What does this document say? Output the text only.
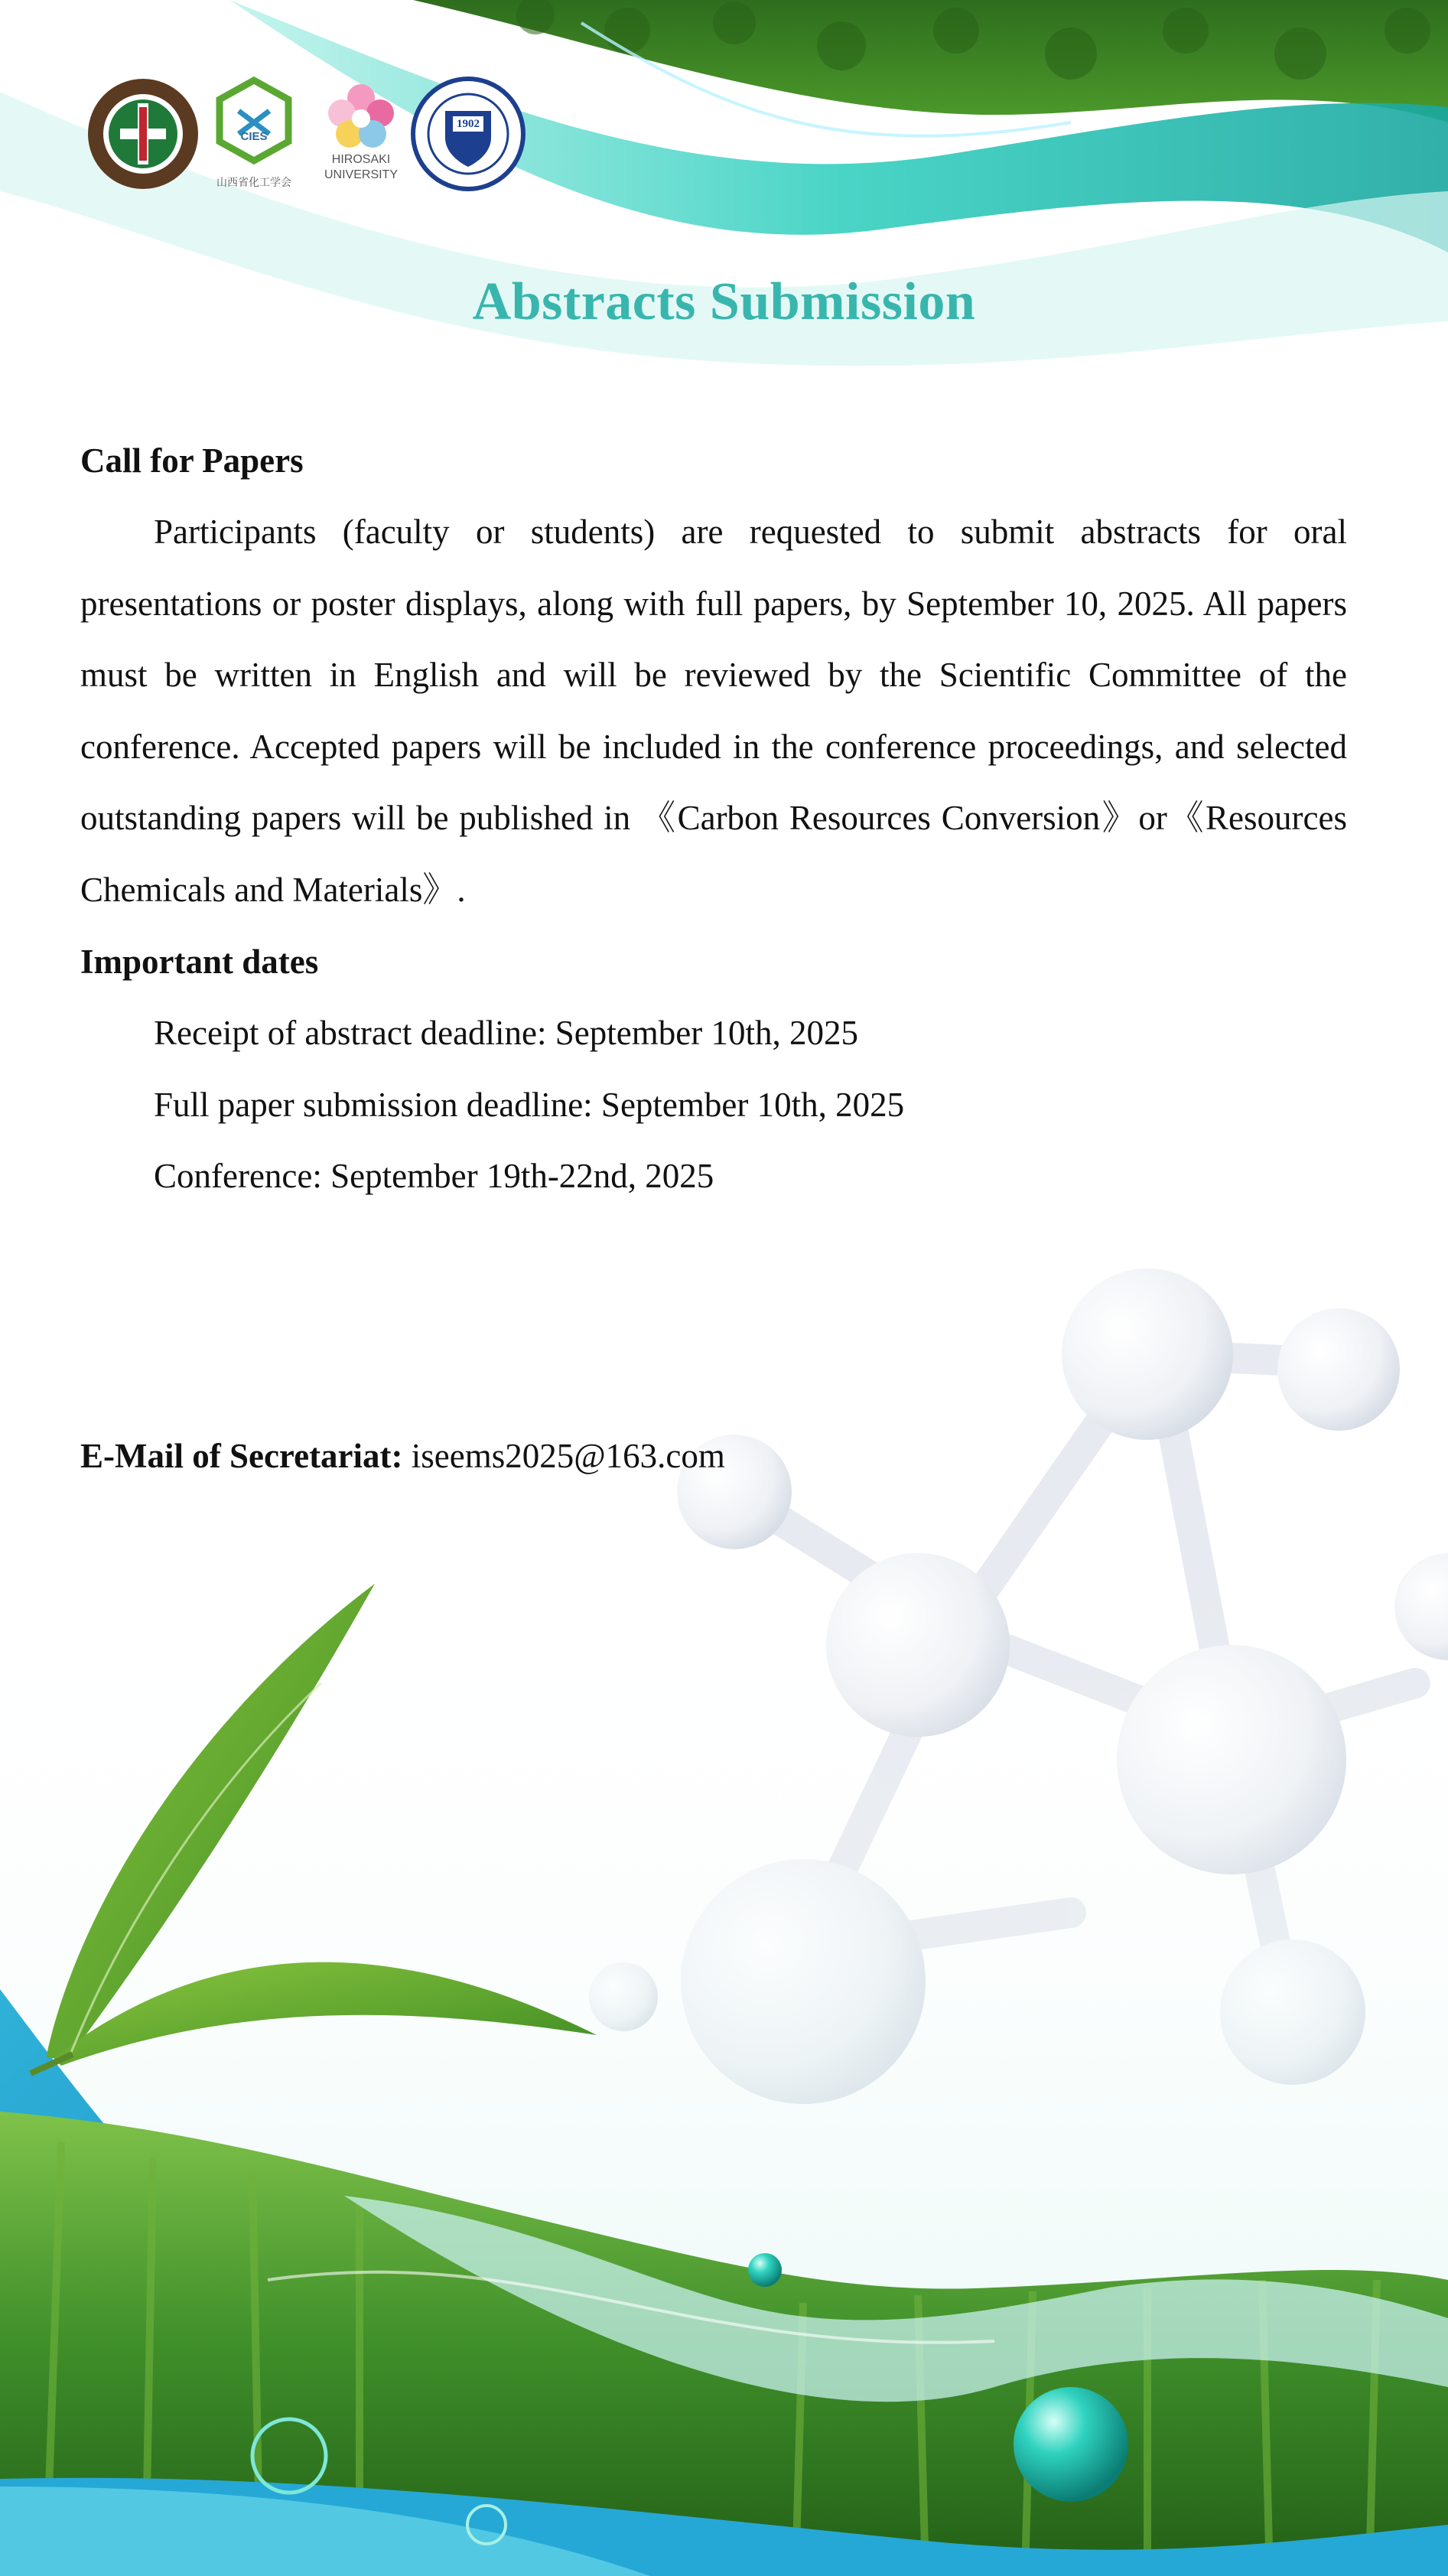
CIES
山西省化工学会
HIROSAKI
UNIVERSITY
1902
Abstracts Submission

Call for Papers

Participants (faculty or students) are requested to submit abstracts for oral presentations or poster displays, along with full papers, by September 10, 2025. All papers must be written in English and will be reviewed by the Scientific Committee of the conference. Accepted papers will be included in the conference proceedings, and selected outstanding papers will be published in 《Carbon Resources Conversion》or《Resources Chemicals and Materials》.

Important dates

Receipt of abstract deadline: September 10th, 2025

Full paper submission deadline: September 10th, 2025

Conference: September 19th-22nd, 2025

E-Mail of Secretariat: iseems2025@163.com
